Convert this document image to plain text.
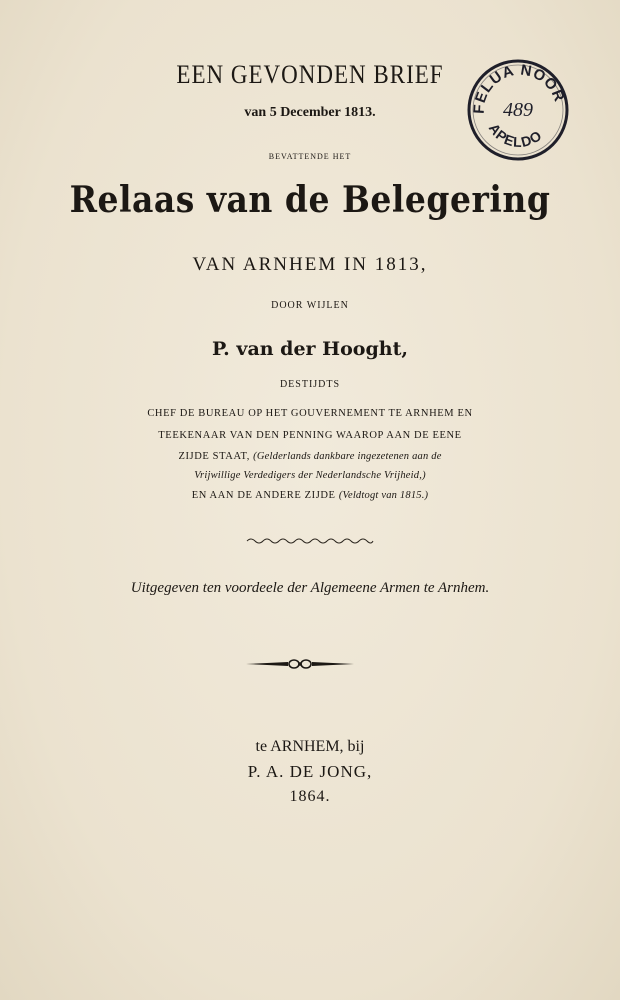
EEN GEVONDEN BRIEF
van 5 December 1813.
BEVATTENDE HET
Relaas van de Belegering
VAN ARNHEM IN 1813,
DOOR WIJLEN
P. van der Hooght,
DESTIJDTS
CHEF DE BUREAU OP HET GOUVERNEMENT TE ARNHEM EN
TEEKENAAR VAN DEN PENNING WAAROP AAN DE EENE
ZIJDE STAAT, (Gelderlands dankbare ingezetenen aan de
Vrijwillige Verdedigers der Nederlandsche Vrijheid,)
EN AAN DE ANDERE ZIJDE (Veldtogt van 1815.)
Uitgegeven ten voordeele der Algemeene Armen te Arnhem.
te ARNHEM, bij
P. A. DE JONG,
1864.
FELUA NOOR
489
APELDO
